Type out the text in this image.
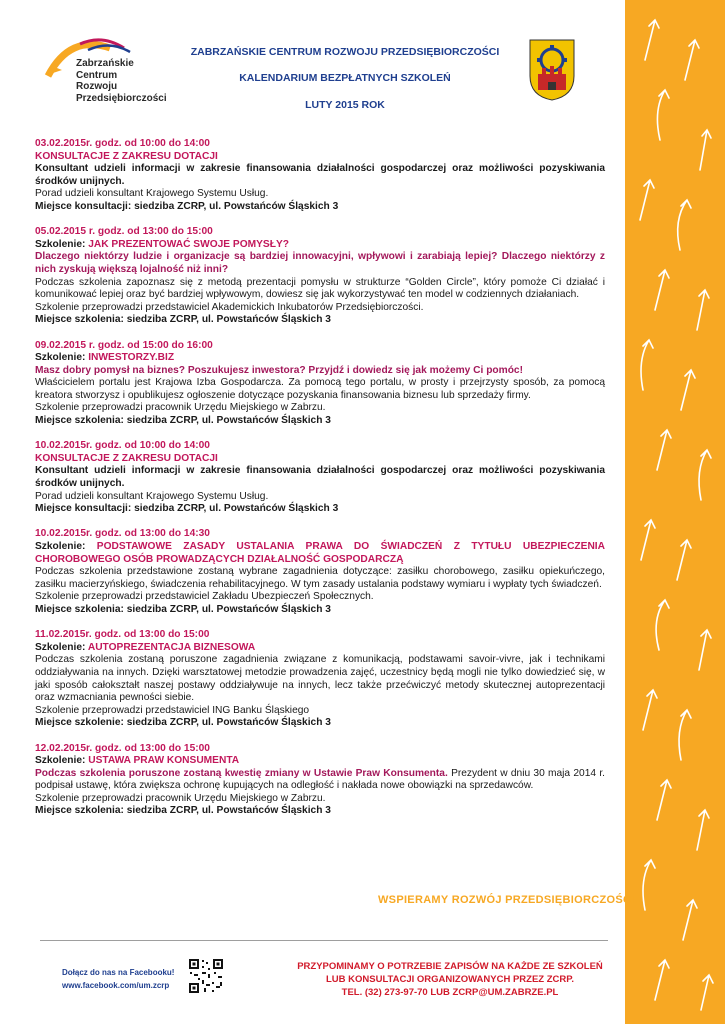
Zabrzańskie
Centrum
Rozwoju
Przedsiębiorczości
ZABRZAŃSKIE CENTRUM ROZWOJU PRZEDSIĘBIORCZOŚCI
KALENDARIUM BEZPŁATNYCH SZKOLEŃ
LUTY 2015 ROK
03.02.2015r. godz. od 10:00 do 14:00
KONSULTACJE Z ZAKRESU DOTACJI

Konsultant udzieli informacji w zakresie finansowania działalności gospodarczej oraz możliwości pozyskiwania środków unijnych.

Porad udzieli konsultant Krajowego Systemu Usług.

Miejsce konsultacji: siedziba ZCRP, ul. Powstańców Śląskich 3

05.02.2015 r. godz. od 13:00 do 15:00
Szkolenie: JAK PREZENTOWAĆ SWOJE POMYSŁY?

Dlaczego niektórzy ludzie i organizacje są bardziej innowacyjni, wpływowi i zarabiają lepiej? Dlaczego niektórzy z nich zyskują większą lojalność niż inni?

Podczas szkolenia zapoznasz się z metodą prezentacji pomysłu w strukturze “Golden Circle”, który pomoże Ci działać i komunikować lepiej oraz być bardziej wpływowym, dowiesz się jak wykorzystywać ten model w codziennych działaniach.

Szkolenie przeprowadzi przedstawiciel Akademickich Inkubatorów Przedsiębiorczości.

Miejsce szkolenia: siedziba ZCRP, ul. Powstańców Śląskich 3

09.02.2015 r. godz. od 15:00 do 16:00
Szkolenie: INWESTORZY.BIZ

Masz dobry pomysł na biznes? Poszukujesz inwestora? Przyjdź i dowiedz się jak możemy Ci pomóc!

Właścicielem portalu jest Krajowa Izba Gospodarcza. Za pomocą tego portalu, w prosty i przejrzysty sposób, za pomocą kreatora stworzysz i opublikujesz ogłoszenie dotyczące pozyskania finansowania biznesu lub sprzedaży firmy.

Szkolenie przeprowadzi pracownik Urzędu Miejskiego w Zabrzu.

Miejsce szkolenia: siedziba ZCRP, ul. Powstańców Śląskich 3

10.02.2015r. godz. od 10:00 do 14:00
KONSULTACJE Z ZAKRESU DOTACJI

Konsultant udzieli informacji w zakresie finansowania działalności gospodarczej oraz możliwości pozyskiwania środków unijnych.

Porad udzieli konsultant Krajowego Systemu Usług.

Miejsce konsultacji: siedziba ZCRP, ul. Powstańców Śląskich 3

10.02.2015r. godz. od 13:00 do 14:30

Szkolenie: PODSTAWOWE ZASADY USTALANIA PRAWA DO ŚWIADCZEŃ Z TYTUŁU UBEZPIECZENIA CHOROBOWEGO OSÓB PROWADZĄCYCH DZIAŁALNOŚĆ GOSPODARCZĄ

Podczas szkolenia przedstawione zostaną wybrane zagadnienia dotyczące: zasiłku chorobowego, zasiłku opiekuńczego, zasiłku macierzyńskiego, świadczenia rehabilitacyjnego. W tym zasady ustalania podstawy wymiaru i wypłaty tych świadczeń.

Szkolenie przeprowadzi przedstawiciel Zakładu Ubezpieczeń Społecznych.

Miejsce szkolenia: siedziba ZCRP, ul. Powstańców Śląskich 3

11.02.2015r. godz. od 13:00 do 15:00
Szkolenie: AUTOPREZENTACJA BIZNESOWA

Podczas szkolenia zostaną poruszone zagadnienia związane z komunikacją, podstawami savoir-vivre, jak i technikami oddziaływania na innych. Dzięki warsztatowej metodzie prowadzenia zajęć, uczestnicy będą mogli nie tylko dowiedzieć się, w jaki sposób całokształt naszej postawy oddziaływuje na innych, lecz także przećwiczyć metody skutecznej autoprezentacji oraz wzmacniania pewności siebie.

Szkolenie przeprowadzi przedstawiciel ING Banku Śląskiego

Miejsce szkolenie: siedziba ZCRP, ul. Powstańców Śląskich 3

12.02.2015r. godz. od 13:00 do 15:00
Szkolenie: USTAWA PRAW KONSUMENTA

Podczas szkolenia poruszone zostaną kwestię zmiany w Ustawie Praw Konsumenta. Prezydent w dniu 30 maja 2014 r. podpisał ustawę, która zwiększa ochronę kupujących na odległość i nakłada nowe obowiązki na sprzedawców.

Szkolenie przeprowadzi pracownik Urzędu Miejskiego w Zabrzu.

Miejsce szkolenia: siedziba ZCRP, ul. Powstańców Śląskich 3

WSPIERAMY ROZWÓJ PRZEDSIĘBIORCZOŚCI
Dołącz do nas na Facebooku!
www.facebook.com/um.zcrp
PRZYPOMINAMY O POTRZEBIE ZAPISÓW NA KAŻDE ZE SZKOLEŃ
LUB KONSULTACJI ORGANIZOWANYCH PRZEZ ZCRP.
TEL. (32) 273-97-70 LUB ZCRP@UM.ZABRZE.PL
